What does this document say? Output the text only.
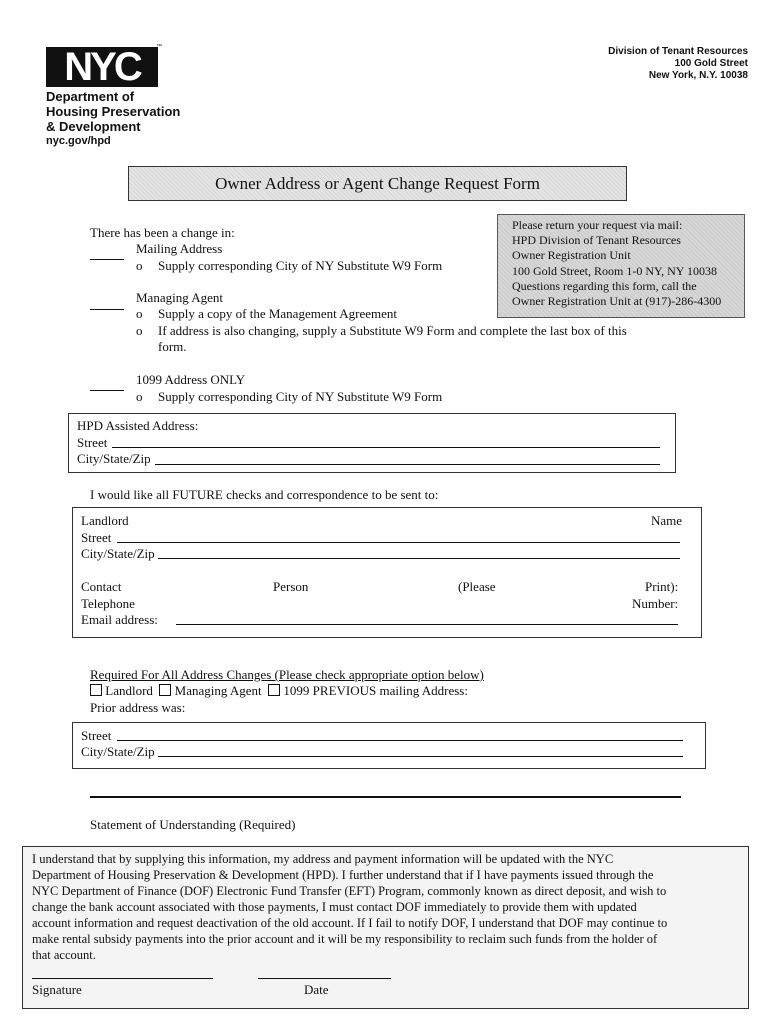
NYC	™
Department of
Housing Preservation
& Development
nyc.gov/hpd
Division of Tenant Resources
100 Gold Street
New York, N.Y. 10038
Owner Address or Agent Change Request Form
Please return your request via mail:
HPD Division of Tenant Resources
Owner Registration Unit
100 Gold Street, Room 1-0 NY, NY 10038
Questions regarding this form, call the
Owner Registration Unit at (917)-286-4300
There has been a change in:
Mailing Address
o Supply corresponding City of NY Substitute W9 Form
Managing Agent
o Supply a copy of the Management Agreement
o If address is also changing, supply a Substitute W9 Form and complete the last box of this
form.
1099 Address ONLY
o Supply corresponding City of NY Substitute W9 Form
HPD Assisted Address:
Street
City/State/Zip
I would like all FUTURE checks and correspondence to be sent to:
Landlord	Name
Street
City/State/Zip
Contact	Person	(Please	Print):
Telephone	Number:
Email address:
Required For All Address Changes (Please check appropriate option below)
Landlord Managing Agent 1099 PREVIOUS mailing Address:
Prior address was:
Street
City/State/Zip
Statement of Understanding (Required)

I understand that by supplying this information, my address and payment information will be updated with the NYC

Department of Housing Preservation & Development (HPD). I further understand that if I have payments issued through the

NYC Department of Finance (DOF) Electronic Fund Transfer (EFT) Program, commonly known as direct deposit, and wish to

change the bank account associated with those payments, I must contact DOF immediately to provide them with updated

account information and request deactivation of the old account. If I fail to notify DOF, I understand that DOF may continue to

make rental subsidy payments into the prior account and it will be my responsibility to reclaim such funds from the holder of

that account.

Signature	Date
